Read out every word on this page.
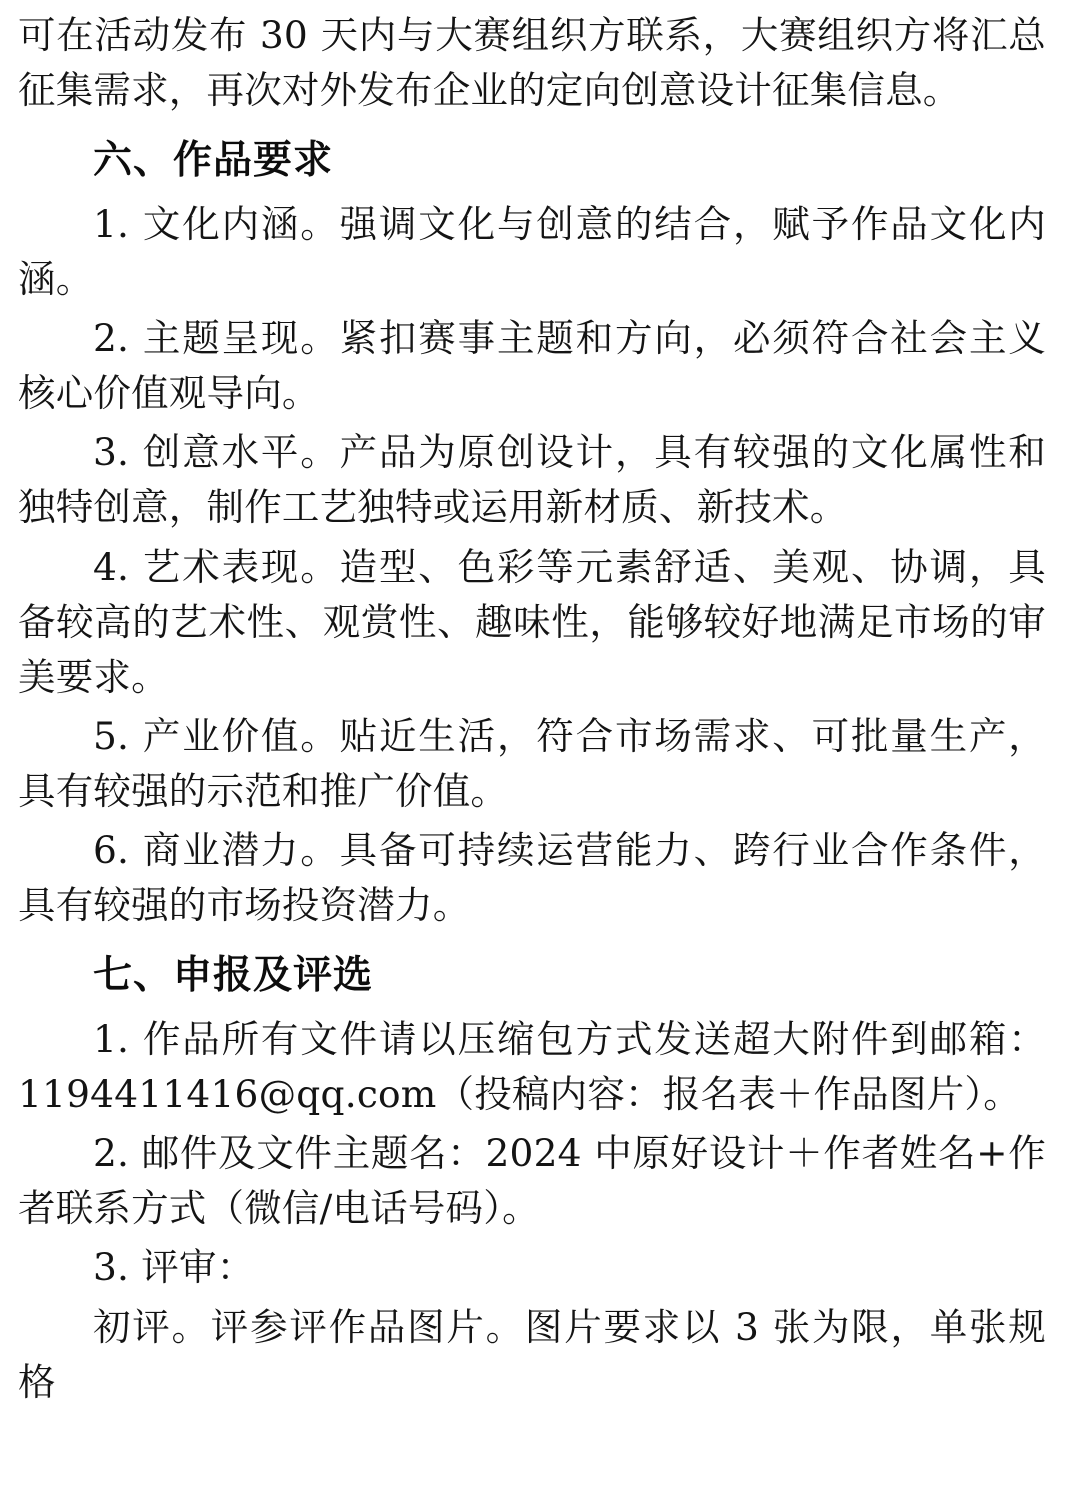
可在活动发布 30 天内与大赛组织方联系，大赛组织方将汇总征集需求，再次对外发布企业的定向创意设计征集信息。

六、作品要求

1. 文化内涵。强调文化与创意的结合，赋予作品文化内涵。

2. 主题呈现。紧扣赛事主题和方向，必须符合社会主义核心价值观导向。

3. 创意水平。产品为原创设计，具有较强的文化属性和独特创意，制作工艺独特或运用新材质、新技术。

4. 艺术表现。造型、色彩等元素舒适、美观、协调，具备较高的艺术性、观赏性、趣味性，能够较好地满足市场的审美要求。

5. 产业价值。贴近生活，符合市场需求、可批量生产，具有较强的示范和推广价值。

6. 商业潜力。具备可持续运营能力、跨行业合作条件，具有较强的市场投资潜力。

七、申报及评选

1. 作品所有文件请以压缩包方式发送超大附件到邮箱：1194411416@qq.com（投稿内容：报名表＋作品图片）。

2. 邮件及文件主题名：2024 中原好设计＋作者姓名+作者联系方式（微信/电话号码）。

3. 评审：

初评。评参评作品图片。图片要求以 3 张为限，单张规格
